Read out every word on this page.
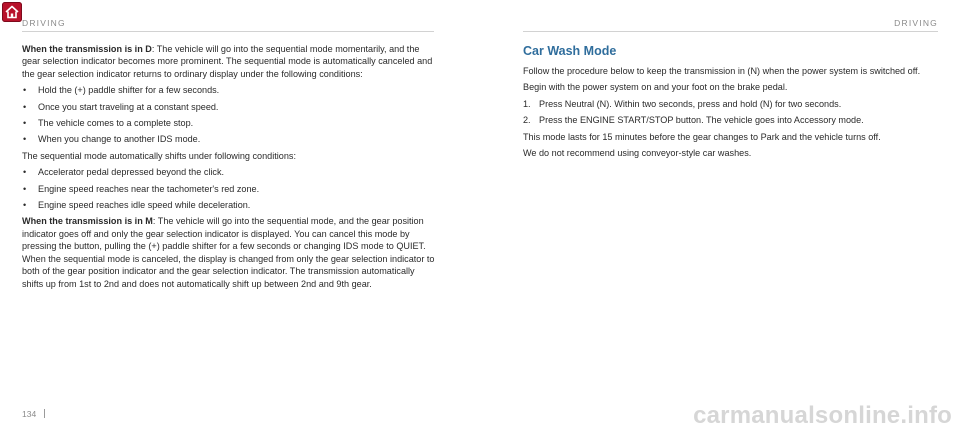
DRIVING	DRIVING

When the transmission is in D: The vehicle will go into the sequential mode momentarily, and the gear selection indicator becomes more prominent. The sequential mode is automatically canceled and the gear selection indicator returns to ordinary display under the following conditions:

• Hold the (+) paddle shifter for a few seconds.
• Once you start traveling at a constant speed.
• The vehicle comes to a complete stop.
• When you change to another IDS mode.

The sequential mode automatically shifts under following conditions:

• Accelerator pedal depressed beyond the click.
• Engine speed reaches near the tachometer's red zone.
• Engine speed reaches idle speed while deceleration.

When the transmission is in M: The vehicle will go into the sequential mode, and the gear position indicator goes off and only the gear selection indicator is displayed. You can cancel this mode by pressing the button, pulling the (+) paddle shifter for a few seconds or changing IDS mode to QUIET. When the sequential mode is canceled, the display is changed from only the gear selection indicator to both of the gear position indicator and the gear selection indicator. The transmission automatically shifts up from 1st to 2nd and does not automatically shift up between 2nd and 9th gear.

Car Wash Mode

Follow the procedure below to keep the transmission in (N) when the power system is switched off.

Begin with the power system on and your foot on the brake pedal.

1. Press Neutral (N). Within two seconds, press and hold (N) for two seconds.
2. Press the ENGINE START/STOP button. The vehicle goes into Accessory mode.

This mode lasts for 15 minutes before the gear changes to Park and the vehicle turns off.

We do not recommend using conveyor-style car washes.

134	carmanualsonline.info
